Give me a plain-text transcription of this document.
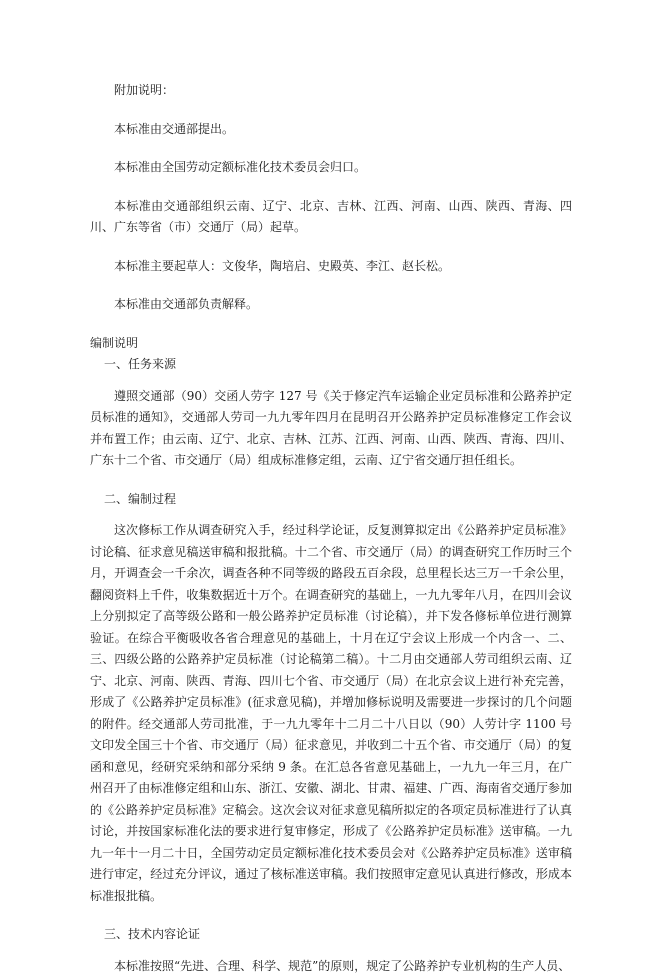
附加说明：

本标准由交通部提出。

本标准由全国劳动定额标准化技术委员会归口。

本标准由交通部组织云南、辽宁、北京、吉林、江西、河南、山西、陕西、青海、四川、广东等省（市）交通厅（局）起草。

本标准主要起草人：文俊华，陶培启、史殿英、李江、赵长松。

本标准由交通部负责解释。

编制说明

一、任务来源

遵照交通部（90）交函人劳字 127 号《关于修定汽车运输企业定员标准和公路养护定员标准的通知》，交通部人劳司一九九零年四月在昆明召开公路养护定员标准修定工作会议并布置工作；由云南、辽宁、北京、吉林、江苏、江西、河南、山西、陕西、青海、四川、广东十二个省、市交通厅（局）组成标准修定组，云南、辽宁省交通厅担任组长。

二、编制过程

这次修标工作从调查研究入手，经过科学论证，反复测算拟定出《公路养护定员标准》讨论稿、征求意见稿送审稿和报批稿。十二个省、市交通厅（局）的调查研究工作历时三个月，开调查会一千余次，调查各种不同等级的路段五百余段，总里程长达三万一千余公里，翻阅资料上千件，收集数据近十万个。在调查研究的基础上，一九九零年八月，在四川会议上分别拟定了高等级公路和一般公路养护定员标准（讨论稿），并下发各修标单位进行测算验证。在综合平衡吸收各省合理意见的基础上，十月在辽宁会议上形成一个内含一、二、三、四级公路的公路养护定员标准（讨论稿第二稿）。十二月由交通部人劳司组织云南、辽宁、北京、河南、陕西、青海、四川七个省、市交通厅（局）在北京会议上进行补充完善，形成了《公路养护定员标准》(征求意见稿)，并增加修标说明及需要进一步探讨的几个问题的附件。经交通部人劳司批准，于一九九零年十二月二十八日以（90）人劳计字 1100 号文印发全国三十个省、市交通厅（局）征求意见，并收到二十五个省、市交通厅（局）的复函和意见，经研究采纳和部分采纳 9 条。在汇总各省意见基础上，一九九一年三月，在广州召开了由标准修定组和山东、浙江、安徽、湖北、甘肃、福建、广西、海南省交通厅参加的《公路养护定员标准》定稿会。这次会议对征求意见稿所拟定的各项定员标准进行了认真讨论，并按国家标准化法的要求进行复审修定，形成了《公路养护定员标准》送审稿。一九九一年十一月二十日，全国劳动定员定额标准化技术委员会对《公路养护定员标准》送审稿进行审定，经过充分评议，通过了核标准送审稿。我们按照审定意见认真进行修改，形成本标准报批稿。

三、技术内容论证

本标准按照“先进、合理、科学、规范”的原则，规定了公路养护专业机构的生产人员、
